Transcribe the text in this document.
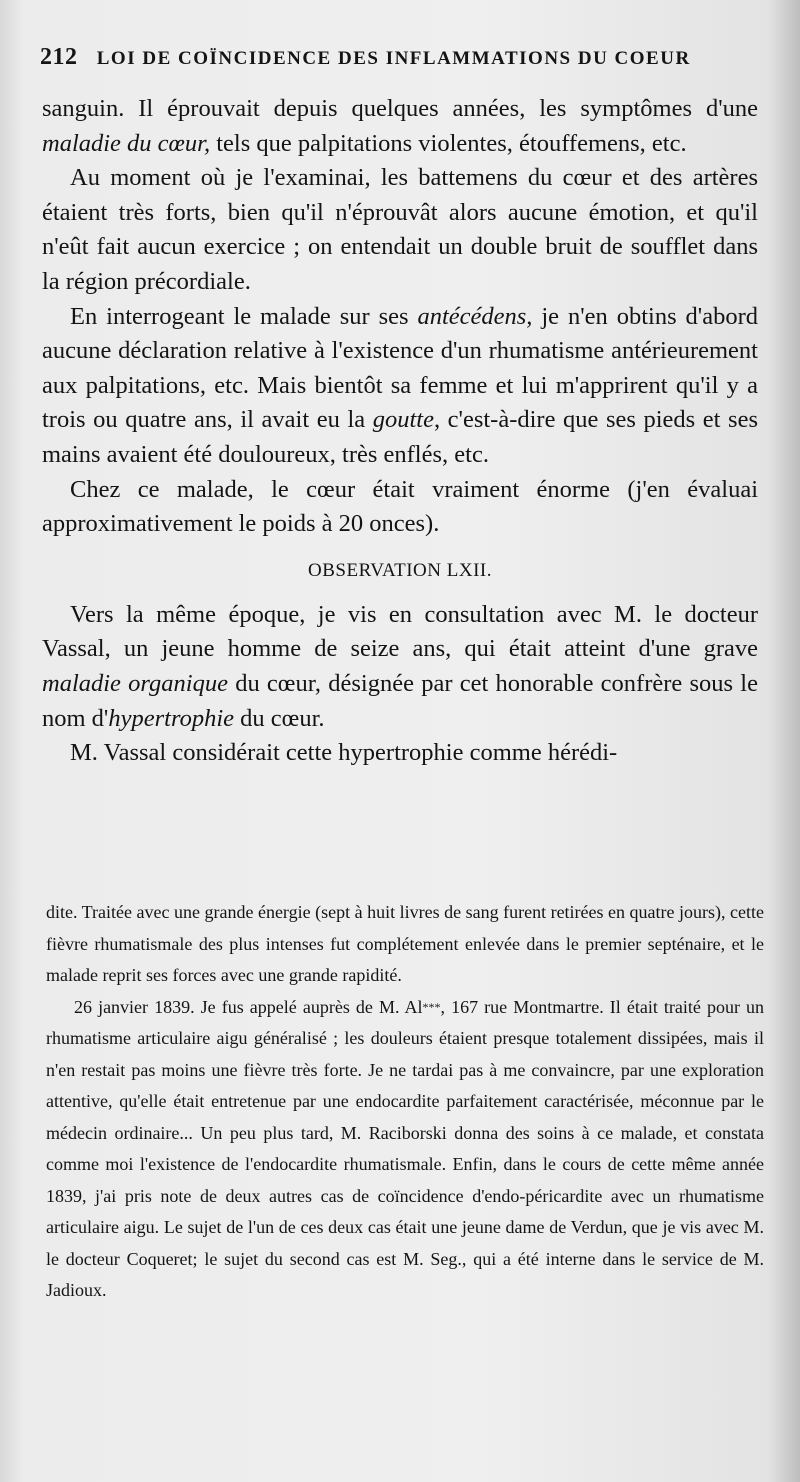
212 LOI DE COÏNCIDENCE DES INFLAMMATIONS DU COEUR

sanguin. Il éprouvait depuis quelques années, les symptômes d'une maladie du cœur, tels que palpitations violentes, étouffemens, etc.

Au moment où je l'examinai, les battemens du cœur et des artères étaient très forts, bien qu'il n'éprouvât alors aucune émotion, et qu'il n'eût fait aucun exercice ; on entendait un double bruit de soufflet dans la région précordiale.

En interrogeant le malade sur ses antécédens, je n'en obtins d'abord aucune déclaration relative à l'existence d'un rhumatisme antérieurement aux palpitations, etc. Mais bientôt sa femme et lui m'apprirent qu'il y a trois ou quatre ans, il avait eu la goutte, c'est-à-dire que ses pieds et ses mains avaient été douloureux, très enflés, etc.

Chez ce malade, le cœur était vraiment énorme (j'en évaluai approximativement le poids à 20 onces).

OBSERVATION LXII.

Vers la même époque, je vis en consultation avec M. le docteur Vassal, un jeune homme de seize ans, qui était atteint d'une grave maladie organique du cœur, désignée par cet honorable confrère sous le nom d'hypertrophie du cœur.

M. Vassal considérait cette hypertrophie comme hérédi-

dite. Traitée avec une grande énergie (sept à huit livres de sang furent retirées en quatre jours), cette fièvre rhumatismale des plus intenses fut complétement enlevée dans le premier septénaire, et le malade reprit ses forces avec une grande rapidité.

26 janvier 1839. Je fus appelé auprès de M. Al***, 167 rue Montmartre. Il était traité pour un rhumatisme articulaire aigu généralisé ; les douleurs étaient presque totalement dissipées, mais il n'en restait pas moins une fièvre très forte. Je ne tardai pas à me convaincre, par une exploration attentive, qu'elle était entretenue par une endocardite parfaitement caractérisée, méconnue par le médecin ordinaire... Un peu plus tard, M. Raciborski donna des soins à ce malade, et constata comme moi l'existence de l'endocardite rhumatismale. Enfin, dans le cours de cette même année 1839, j'ai pris note de deux autres cas de coïncidence d'endo-péricardite avec un rhumatisme articulaire aigu. Le sujet de l'un de ces deux cas était une jeune dame de Verdun, que je vis avec M. le docteur Coqueret; le sujet du second cas est M. Seg., qui a été interne dans le service de M. Jadioux.
